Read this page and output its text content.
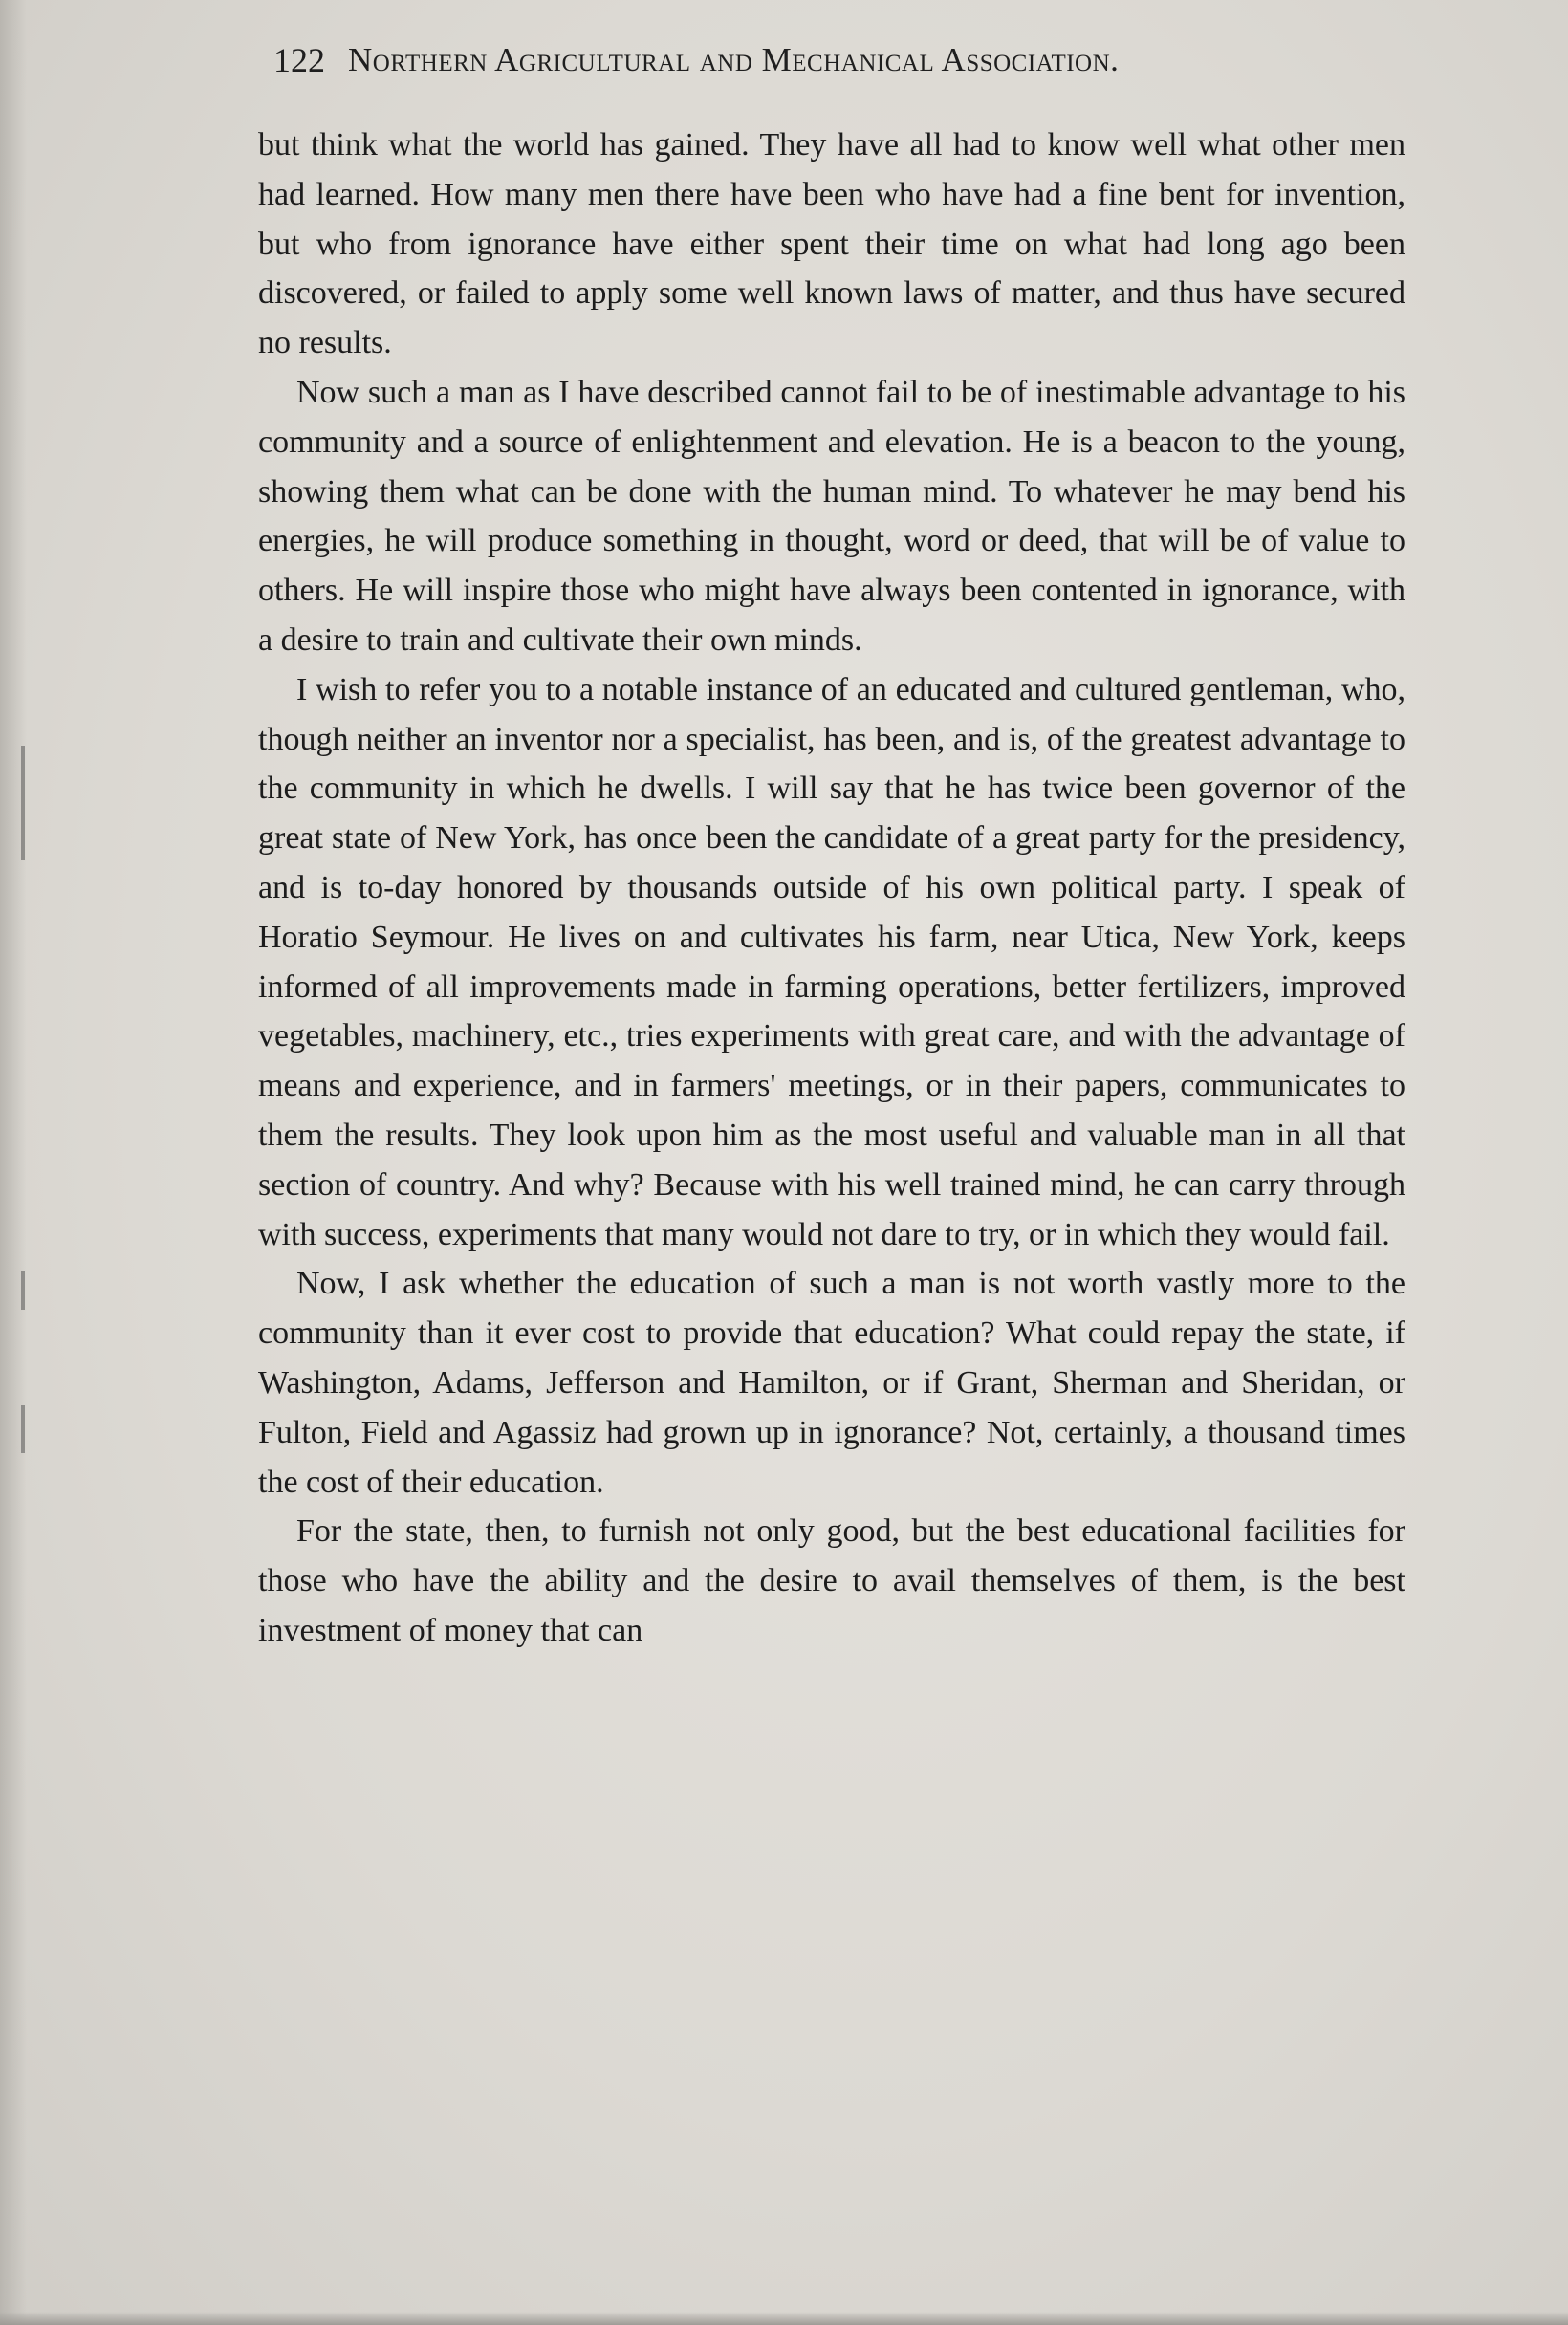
122 Northern Agricultural and Mechanical Association.

but think what the world has gained. They have all had to know well what other men had learned. How many men there have been who have had a fine bent for invention, but who from ignorance have either spent their time on what had long ago been discovered, or failed to apply some well known laws of matter, and thus have secured no results.

Now such a man as I have described cannot fail to be of inestimable advantage to his community and a source of enlightenment and elevation. He is a beacon to the young, showing them what can be done with the human mind. To whatever he may bend his energies, he will produce something in thought, word or deed, that will be of value to others. He will inspire those who might have always been contented in ignorance, with a desire to train and cultivate their own minds.

I wish to refer you to a notable instance of an educated and cultured gentleman, who, though neither an inventor nor a specialist, has been, and is, of the greatest advantage to the community in which he dwells. I will say that he has twice been governor of the great state of New York, has once been the candidate of a great party for the presidency, and is to-day honored by thousands outside of his own political party. I speak of Horatio Seymour. He lives on and cultivates his farm, near Utica, New York, keeps informed of all improvements made in farming operations, better fertilizers, improved vegetables, machinery, etc., tries experiments with great care, and with the advantage of means and experience, and in farmers' meetings, or in their papers, communicates to them the results. They look upon him as the most useful and valuable man in all that section of country. And why? Because with his well trained mind, he can carry through with success, experiments that many would not dare to try, or in which they would fail.

Now, I ask whether the education of such a man is not worth vastly more to the community than it ever cost to provide that education? What could repay the state, if Washington, Adams, Jefferson and Hamilton, or if Grant, Sherman and Sheridan, or Fulton, Field and Agassiz had grown up in ignorance? Not, certainly, a thousand times the cost of their education.

For the state, then, to furnish not only good, but the best educational facilities for those who have the ability and the desire to avail themselves of them, is the best investment of money that can
